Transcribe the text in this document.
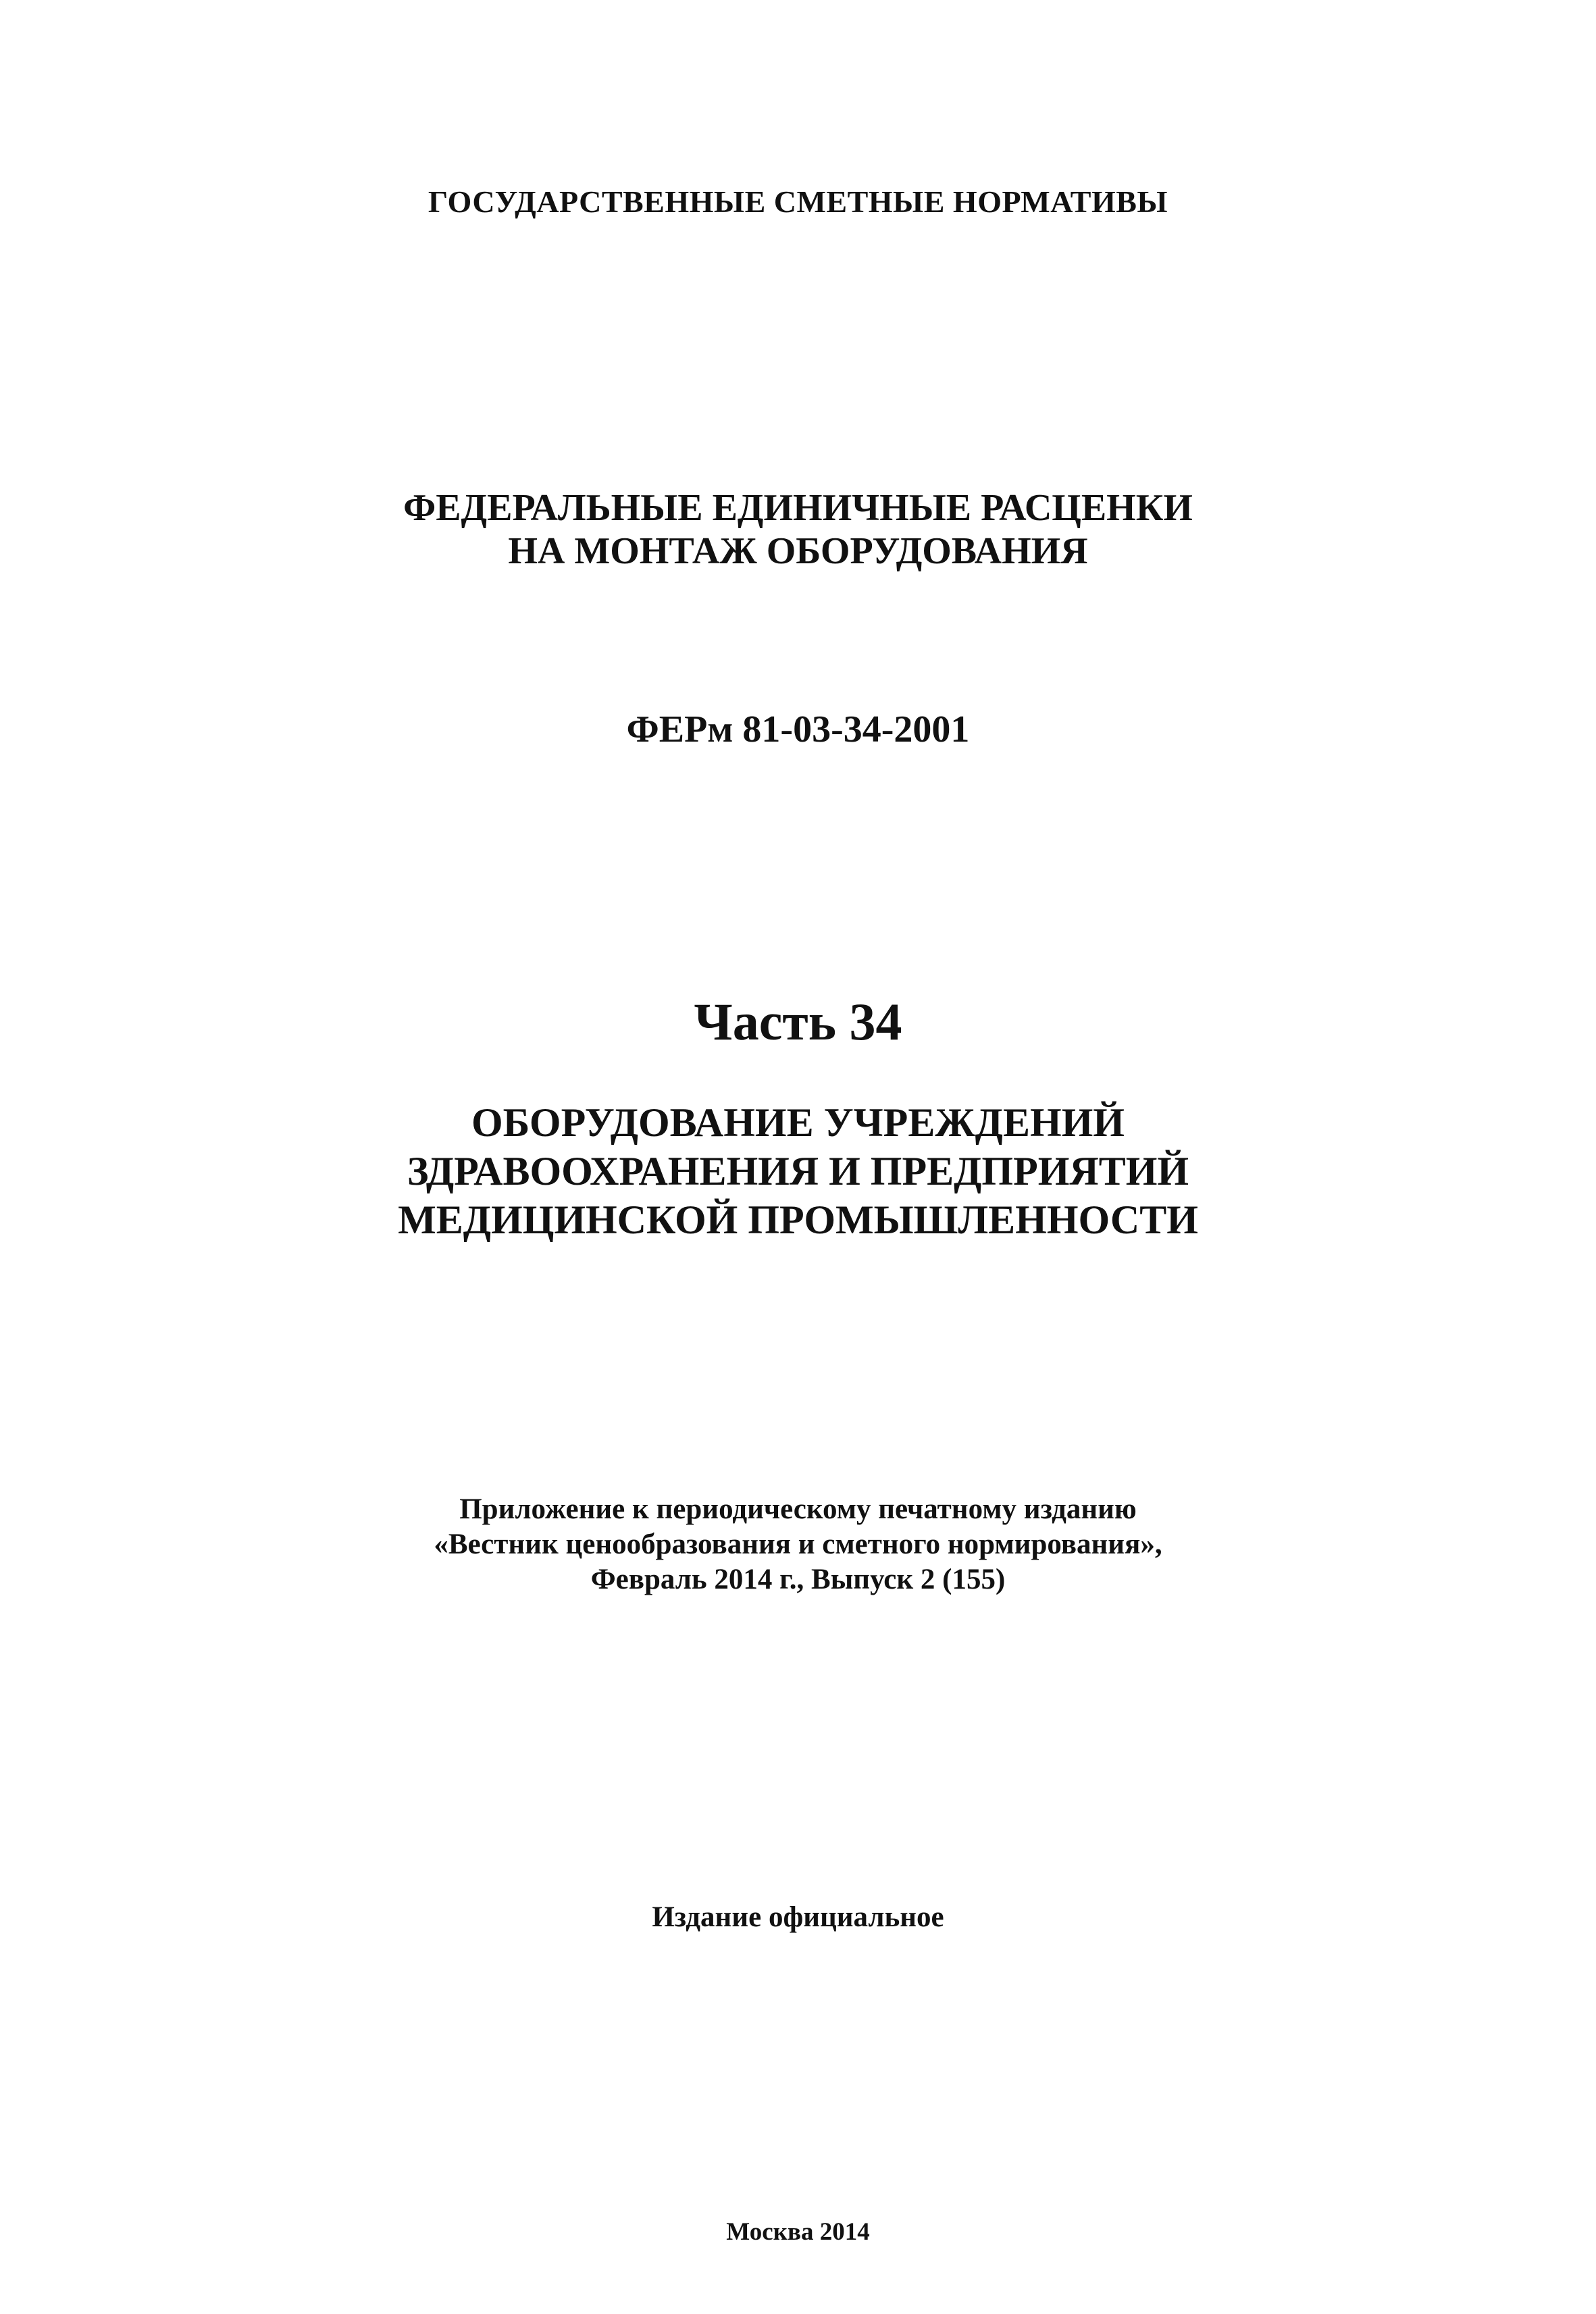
ГОСУДАРСТВЕННЫЕ СМЕТНЫЕ НОРМАТИВЫ
ФЕДЕРАЛЬНЫЕ ЕДИНИЧНЫЕ РАСЦЕНКИ
НА МОНТАЖ ОБОРУДОВАНИЯ
ФЕРм 81-03-34-2001
Часть 34
ОБОРУДОВАНИЕ УЧРЕЖДЕНИЙ
ЗДРАВООХРАНЕНИЯ И ПРЕДПРИЯТИЙ
МЕДИЦИНСКОЙ ПРОМЫШЛЕННОСТИ
Приложение к периодическому печатному изданию
«Вестник ценообразования и сметного нормирования»,
Февраль 2014 г., Выпуск 2 (155)
Издание официальное
Москва 2014
